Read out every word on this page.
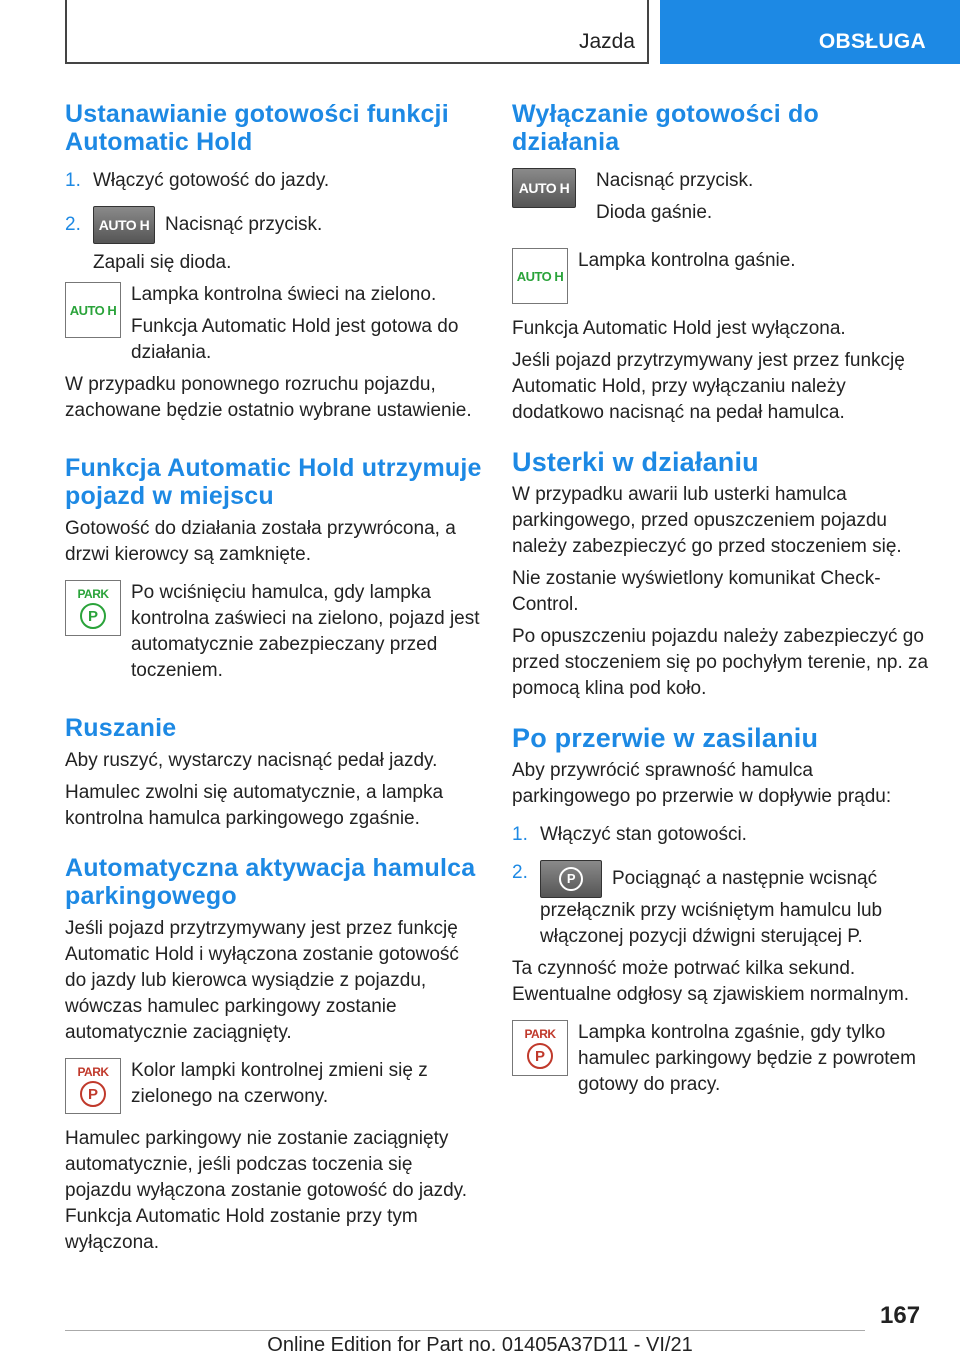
Jazda	OBSŁUGA
Ustanawianie gotowości funkcji Automatic Hold
1. Włączyć gotowość do jazdy.
2.	AUTO H Nacisnąć przycisk.

Zapali się dioda.

AUTO H

Lampka kontrolna świeci na zielono.

Funkcja Automatic Hold jest gotowa do działania.

W przypadku ponownego rozruchu pojazdu, zachowane będzie ostatnio wybrane ustawienie.

Funkcja Automatic Hold utrzymuje pojazd w miejscu

Gotowość do działania została przywrócona, a drzwi kierowcy są zamknięte.

PARK
P

Po wciśnięciu hamulca, gdy lampka kontrolna zaświeci na zielono, pojazd jest automatycznie zabezpieczany przed toczeniem.

Ruszanie

Aby ruszyć, wystarczy nacisnąć pedał jazdy.

Hamulec zwolni się automatycznie, a lampka kontrolna hamulca parkingowego zgaśnie.

Automatyczna aktywacja hamulca parkingowego

Jeśli pojazd przytrzymywany jest przez funkcję Automatic Hold i wyłączona zostanie gotowość do jazdy lub kierowca wysiądzie z pojazdu, wówczas hamulec parkingowy zostanie automatycznie zaciągnięty.

PARK
P

Kolor lampki kontrolnej zmieni się z zielonego na czerwony.

Hamulec parkingowy nie zostanie zaciągnięty automatycznie, jeśli podczas toczenia się pojazdu wyłączona zostanie gotowość do jazdy. Funkcja Automatic Hold zostanie przy tym wyłączona.

Wyłączanie gotowości do działania
AUTO H	Nacisnąć przycisk.

Dioda gaśnie.

AUTO H

Lampka kontrolna gaśnie.

Funkcja Automatic Hold jest wyłączona.

Jeśli pojazd przytrzymywany jest przez funkcję Automatic Hold, przy wyłączaniu należy dodatkowo nacisnąć na pedał hamulca.

Usterki w działaniu

W przypadku awarii lub usterki hamulca parkingowego, przed opuszczeniem pojazdu należy zabezpieczyć go przed stoczeniem się.

Nie zostanie wyświetlony komunikat Check-Control.

Po opuszczeniu pojazdu należy zabezpieczyć go przed stoczeniem się po pochyłym terenie, np. za pomocą klina pod koło.

Po przerwie w zasilaniu

Aby przywrócić sprawność hamulca parkingowego po przerwie w dopływie prądu:

1. Włączyć stan gotowości.
2.	P	Pociągnąć a następnie wcisnąć przełącznik przy wciśniętym hamulcu lub włączonej pozycji dźwigni sterującej P.

Ta czynność może potrwać kilka sekund. Ewentualne odgłosy są zjawiskiem normalnym.

PARK
P

Lampka kontrolna zgaśnie, gdy tylko hamulec parkingowy będzie z powrotem gotowy do pracy.

167
Online Edition for Part no. 01405A37D11 - VI/21
